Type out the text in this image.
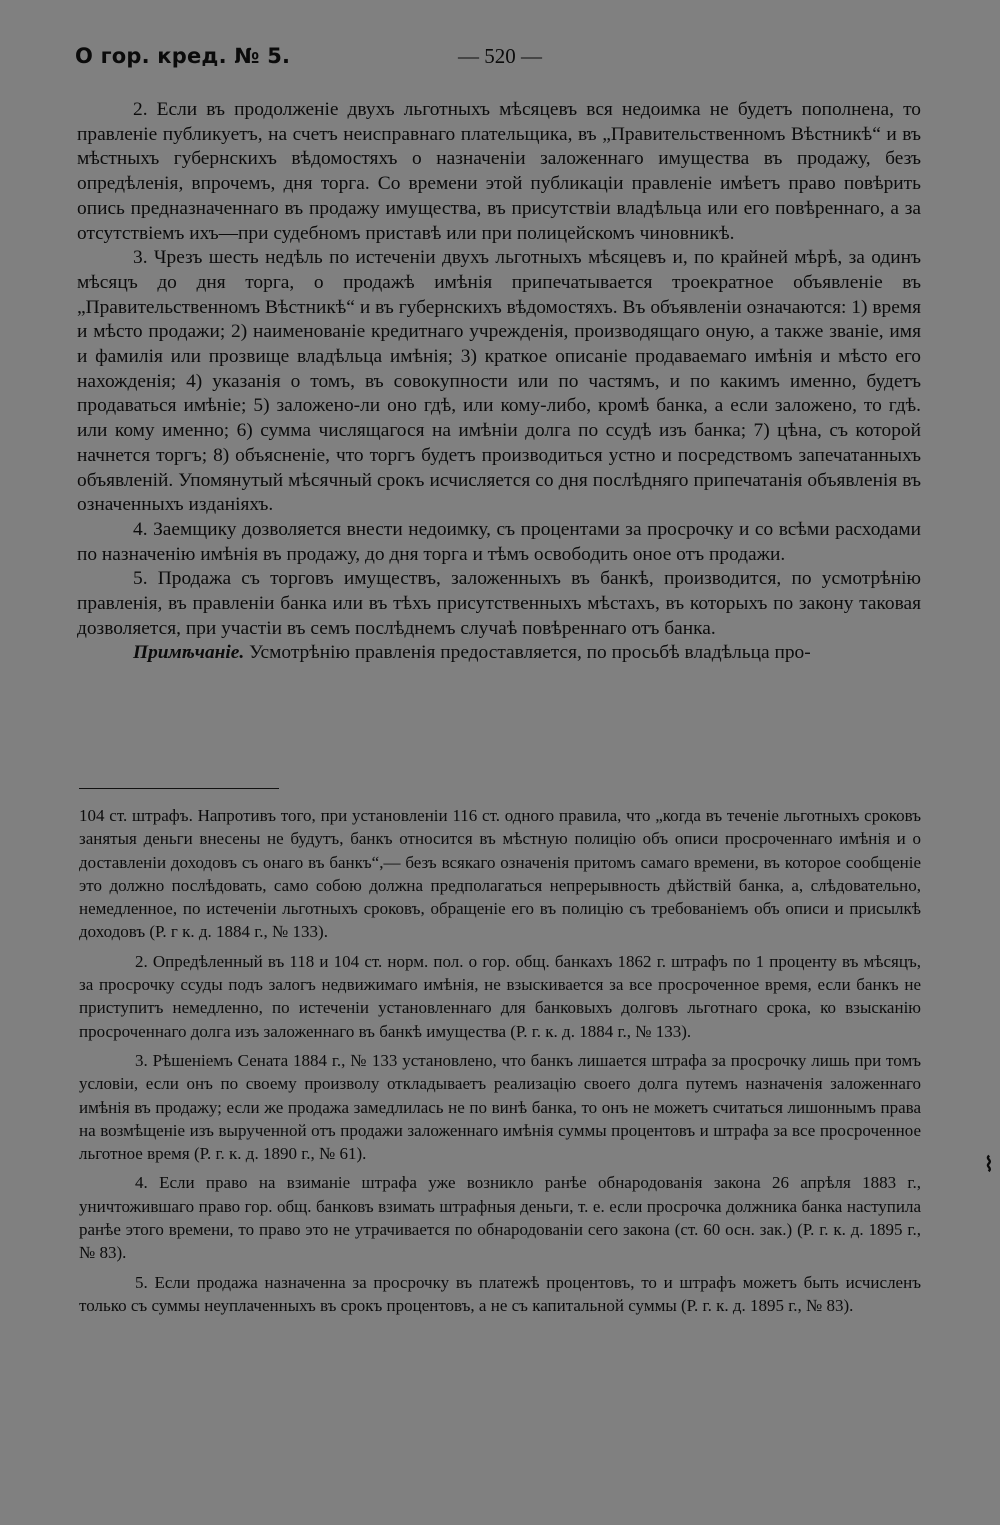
О гор. кред. № 5.	— 520 —

2. Если въ продолженіе двухъ льготныхъ мѣсяцевъ вся недоимка не будетъ пополнена, то правленіе публикуетъ, на счетъ неисправнаго плательщика, въ „Правительственномъ Вѣстникѣ“ и въ мѣстныхъ губернскихъ вѣдомостяхъ о назначеніи заложеннаго имущества въ продажу, безъ опредѣленія, впрочемъ, дня торга. Со времени этой публикаціи правленіе имѣетъ право повѣрить опись предназначеннаго въ продажу имущества, въ присутствіи владѣльца или его повѣреннаго, а за отсутствіемъ ихъ—при судебномъ приставѣ или при полицейскомъ чиновникѣ.

3. Чрезъ шесть недѣль по истеченіи двухъ льготныхъ мѣсяцевъ и, по крайней мѣрѣ, за одинъ мѣсяцъ до дня торга, о продажѣ имѣнія припечатывается троекратное объявленіе въ „Правительственномъ Вѣстникѣ“ и въ губернскихъ вѣдомостяхъ. Въ объявленіи означаются: 1) время и мѣсто продажи; 2) наименованіе кредитнаго учрежденія, производящаго оную, а также званіе, имя и фамилія или прозвище владѣльца имѣнія; 3) краткое описаніе продаваемаго имѣнія и мѣсто его нахожденія; 4) указанія о томъ, въ совокупности или по частямъ, и по какимъ именно, будетъ продаваться имѣніе; 5) заложено-ли оно гдѣ, или кому-либо, кромѣ банка, а если заложено, то гдѣ. или кому именно; 6) сумма числящагося на имѣніи долга по ссудѣ изъ банка; 7) цѣна, съ которой начнется торгъ; 8) объясненіе, что торгъ будетъ производиться устно и посредствомъ запечатанныхъ объявленій. Упомянутый мѣсячный срокъ исчисляется со дня послѣдняго припечатанія объявленія въ означенныхъ изданіяхъ.

4. Заемщику дозволяется внести недоимку, съ процентами за просрочку и со всѣми расходами по назначенію имѣнія въ продажу, до дня торга и тѣмъ освободить оное отъ продажи.

5. Продажа съ торговъ имуществъ, заложенныхъ въ банкѣ, производится, по усмотрѣнію правленія, въ правленіи банка или въ тѣхъ присутственныхъ мѣстахъ, въ которыхъ по закону таковая дозволяется, при участіи въ семъ послѣднемъ случаѣ повѣреннаго отъ банка.

Примѣчаніе. Усмотрѣнію правленія предоставляется, по просьбѣ владѣльца про-

104 ст. штрафъ. Напротивъ того, при установленіи 116 ст. одного правила, что „когда въ теченіе льготныхъ сроковъ занятыя деньги внесены не будутъ, банкъ относится въ мѣстную полицію объ описи просроченнаго имѣнія и о доставленіи доходовъ съ онаго въ банкъ“,— безъ всякаго означенія притомъ самаго времени, въ которое сообщеніе это должно послѣдовать, само собою должна предполагаться непрерывность дѣйствій банка, а, слѣдовательно, немедленное, по истеченіи льготныхъ сроковъ, обращеніе его въ полицію съ требованіемъ объ описи и присылкѣ доходовъ (Р. г к. д. 1884 г., № 133).

2. Опредѣленный въ 118 и 104 ст. норм. пол. о гор. общ. банкахъ 1862 г. штрафъ по 1 проценту въ мѣсяцъ, за просрочку ссуды подъ залогъ недвижимаго имѣнія, не взыскивается за все просроченное время, если банкъ не приступитъ немедленно, по истеченіи установленнаго для банковыхъ долговъ льготнаго срока, ко взысканію просроченнаго долга изъ заложеннаго въ банкѣ имущества (Р. г. к. д. 1884 г., № 133).

3. Рѣшеніемъ Сената 1884 г., № 133 установлено, что банкъ лишается штрафа за просрочку лишь при томъ условіи, если онъ по своему произволу откладываетъ реализацію своего долга путемъ назначенія заложеннаго имѣнія въ продажу; если же продажа замедлилась не по винѣ банка, то онъ не можетъ считаться лишоннымъ права на возмѣщеніе изъ вырученной отъ продажи заложеннаго имѣнія суммы процентовъ и штрафа за все просроченное льготное время (Р. г. к. д. 1890 г., № 61).

4. Если право на взиманіе штрафа уже возникло ранѣе обнародованія закона 26 апрѣля 1883 г., уничтожившаго право гор. общ. банковъ взимать штрафныя деньги, т. е. если просрочка должника банка наступила ранѣе этого времени, то право это не утрачивается по обнародованіи сего закона (ст. 60 осн. зак.) (Р. г. к. д. 1895 г., № 83).

5. Если продажа назначенна за просрочку въ платежѣ процентовъ, то и штрафъ можетъ быть исчисленъ только съ суммы неуплаченныхъ въ срокъ процентовъ, а не съ капитальной суммы (Р. г. к. д. 1895 г., № 83).

⌇
